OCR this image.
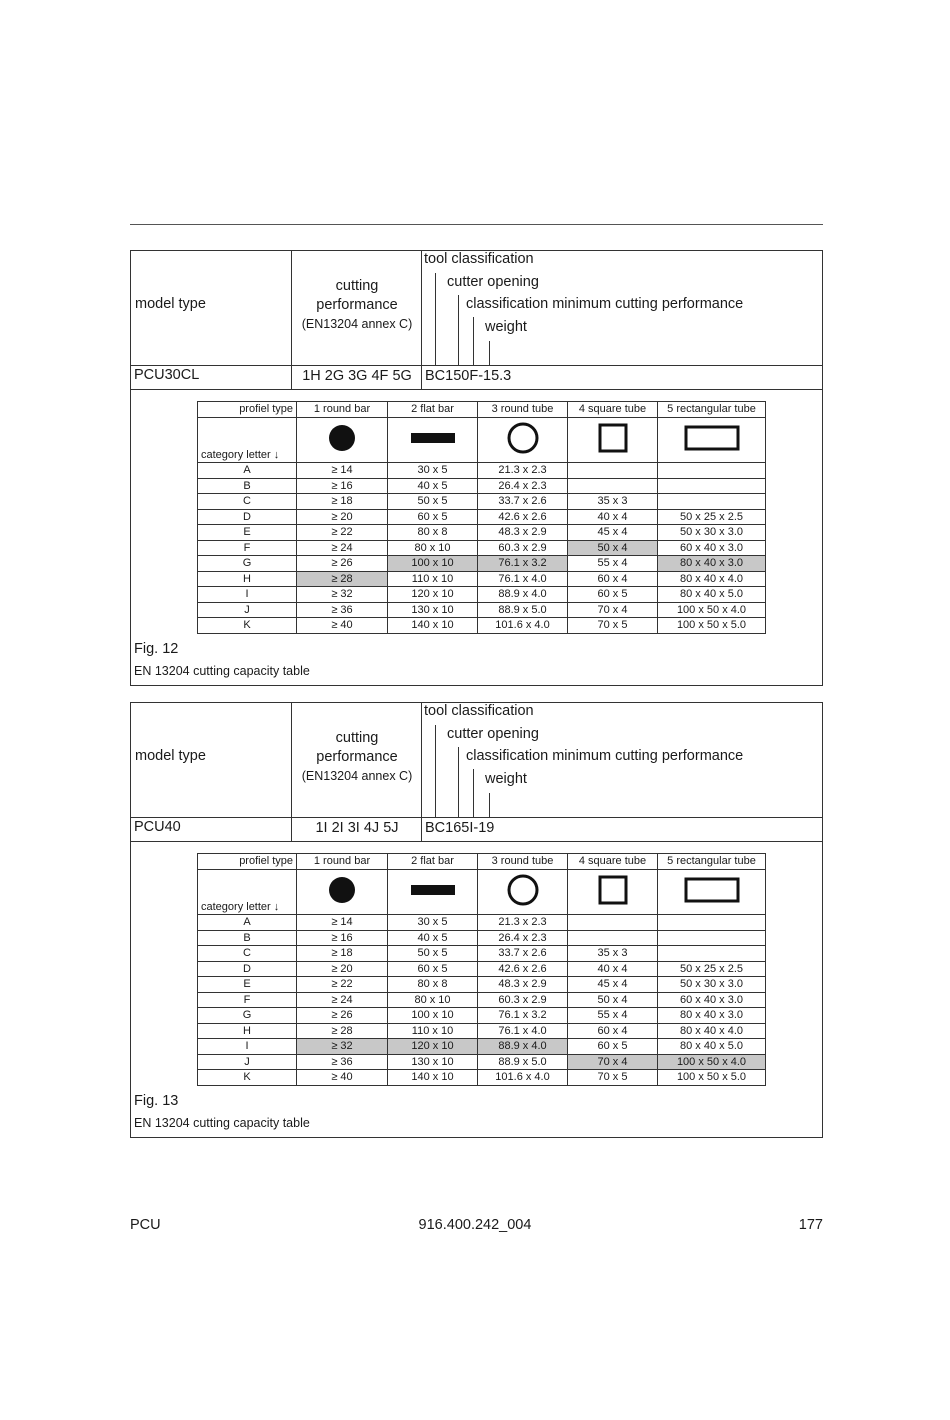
model type
cutting
performance
(EN13204 annex C)
tool classification
cutter opening
classification minimum cutting performance
weight
PCU30CL	1H 2G 3G 4F 5G BC150F-15.3
profiel type	1 round bar	2 flat bar	3 round tube	4 square tube	5 rectangular tube

category letter ↓

A	≥ 14	30 x 5	21.3 x 2.3		
B	≥ 16	40 x 5	26.4 x 2.3		
C	≥ 18	50 x 5	33.7 x 2.6	35 x 3	
D	≥ 20	60 x 5	42.6 x 2.6	40 x 4	50 x 25 x 2.5
E	≥ 22	80 x 8	48.3 x 2.9	45 x 4	50 x 30 x 3.0
F	≥ 24	80 x 10	60.3 x 2.9	50 x 4	60 x 40 x 3.0
G	≥ 26	100 x 10	76.1 x 3.2	55 x 4	80 x 40 x 3.0
H	≥ 28	110 x 10	76.1 x 4.0	60 x 4	80 x 40 x 4.0
I	≥ 32	120 x 10	88.9 x 4.0	60 x 5	80 x 40 x 5.0
J	≥ 36	130 x 10	88.9 x 5.0	70 x 4	100 x 50 x 4.0
K	≥ 40	140 x 10	101.6 x 4.0	70 x 5	100 x 50 x 5.0
Fig. 12
EN 13204 cutting capacity table
model type
cutting
performance
(EN13204 annex C)
tool classification
cutter opening
classification minimum cutting performance
weight
PCU40	1I 2I 3I 4J 5J	BC165I-19
profiel type	1 round bar	2 flat bar	3 round tube	4 square tube	5 rectangular tube

category letter ↓

A	≥ 14	30 x 5	21.3 x 2.3		
B	≥ 16	40 x 5	26.4 x 2.3		
C	≥ 18	50 x 5	33.7 x 2.6	35 x 3	
D	≥ 20	60 x 5	42.6 x 2.6	40 x 4	50 x 25 x 2.5
E	≥ 22	80 x 8	48.3 x 2.9	45 x 4	50 x 30 x 3.0
F	≥ 24	80 x 10	60.3 x 2.9	50 x 4	60 x 40 x 3.0
G	≥ 26	100 x 10	76.1 x 3.2	55 x 4	80 x 40 x 3.0
H	≥ 28	110 x 10	76.1 x 4.0	60 x 4	80 x 40 x 4.0
I	≥ 32	120 x 10	88.9 x 4.0	60 x 5	80 x 40 x 5.0
J	≥ 36	130 x 10	88.9 x 5.0	70 x 4	100 x 50 x 4.0
K	≥ 40	140 x 10	101.6 x 4.0	70 x 5	100 x 50 x 5.0
Fig. 13
EN 13204 cutting capacity table
PCU	916.400.242_004	177
